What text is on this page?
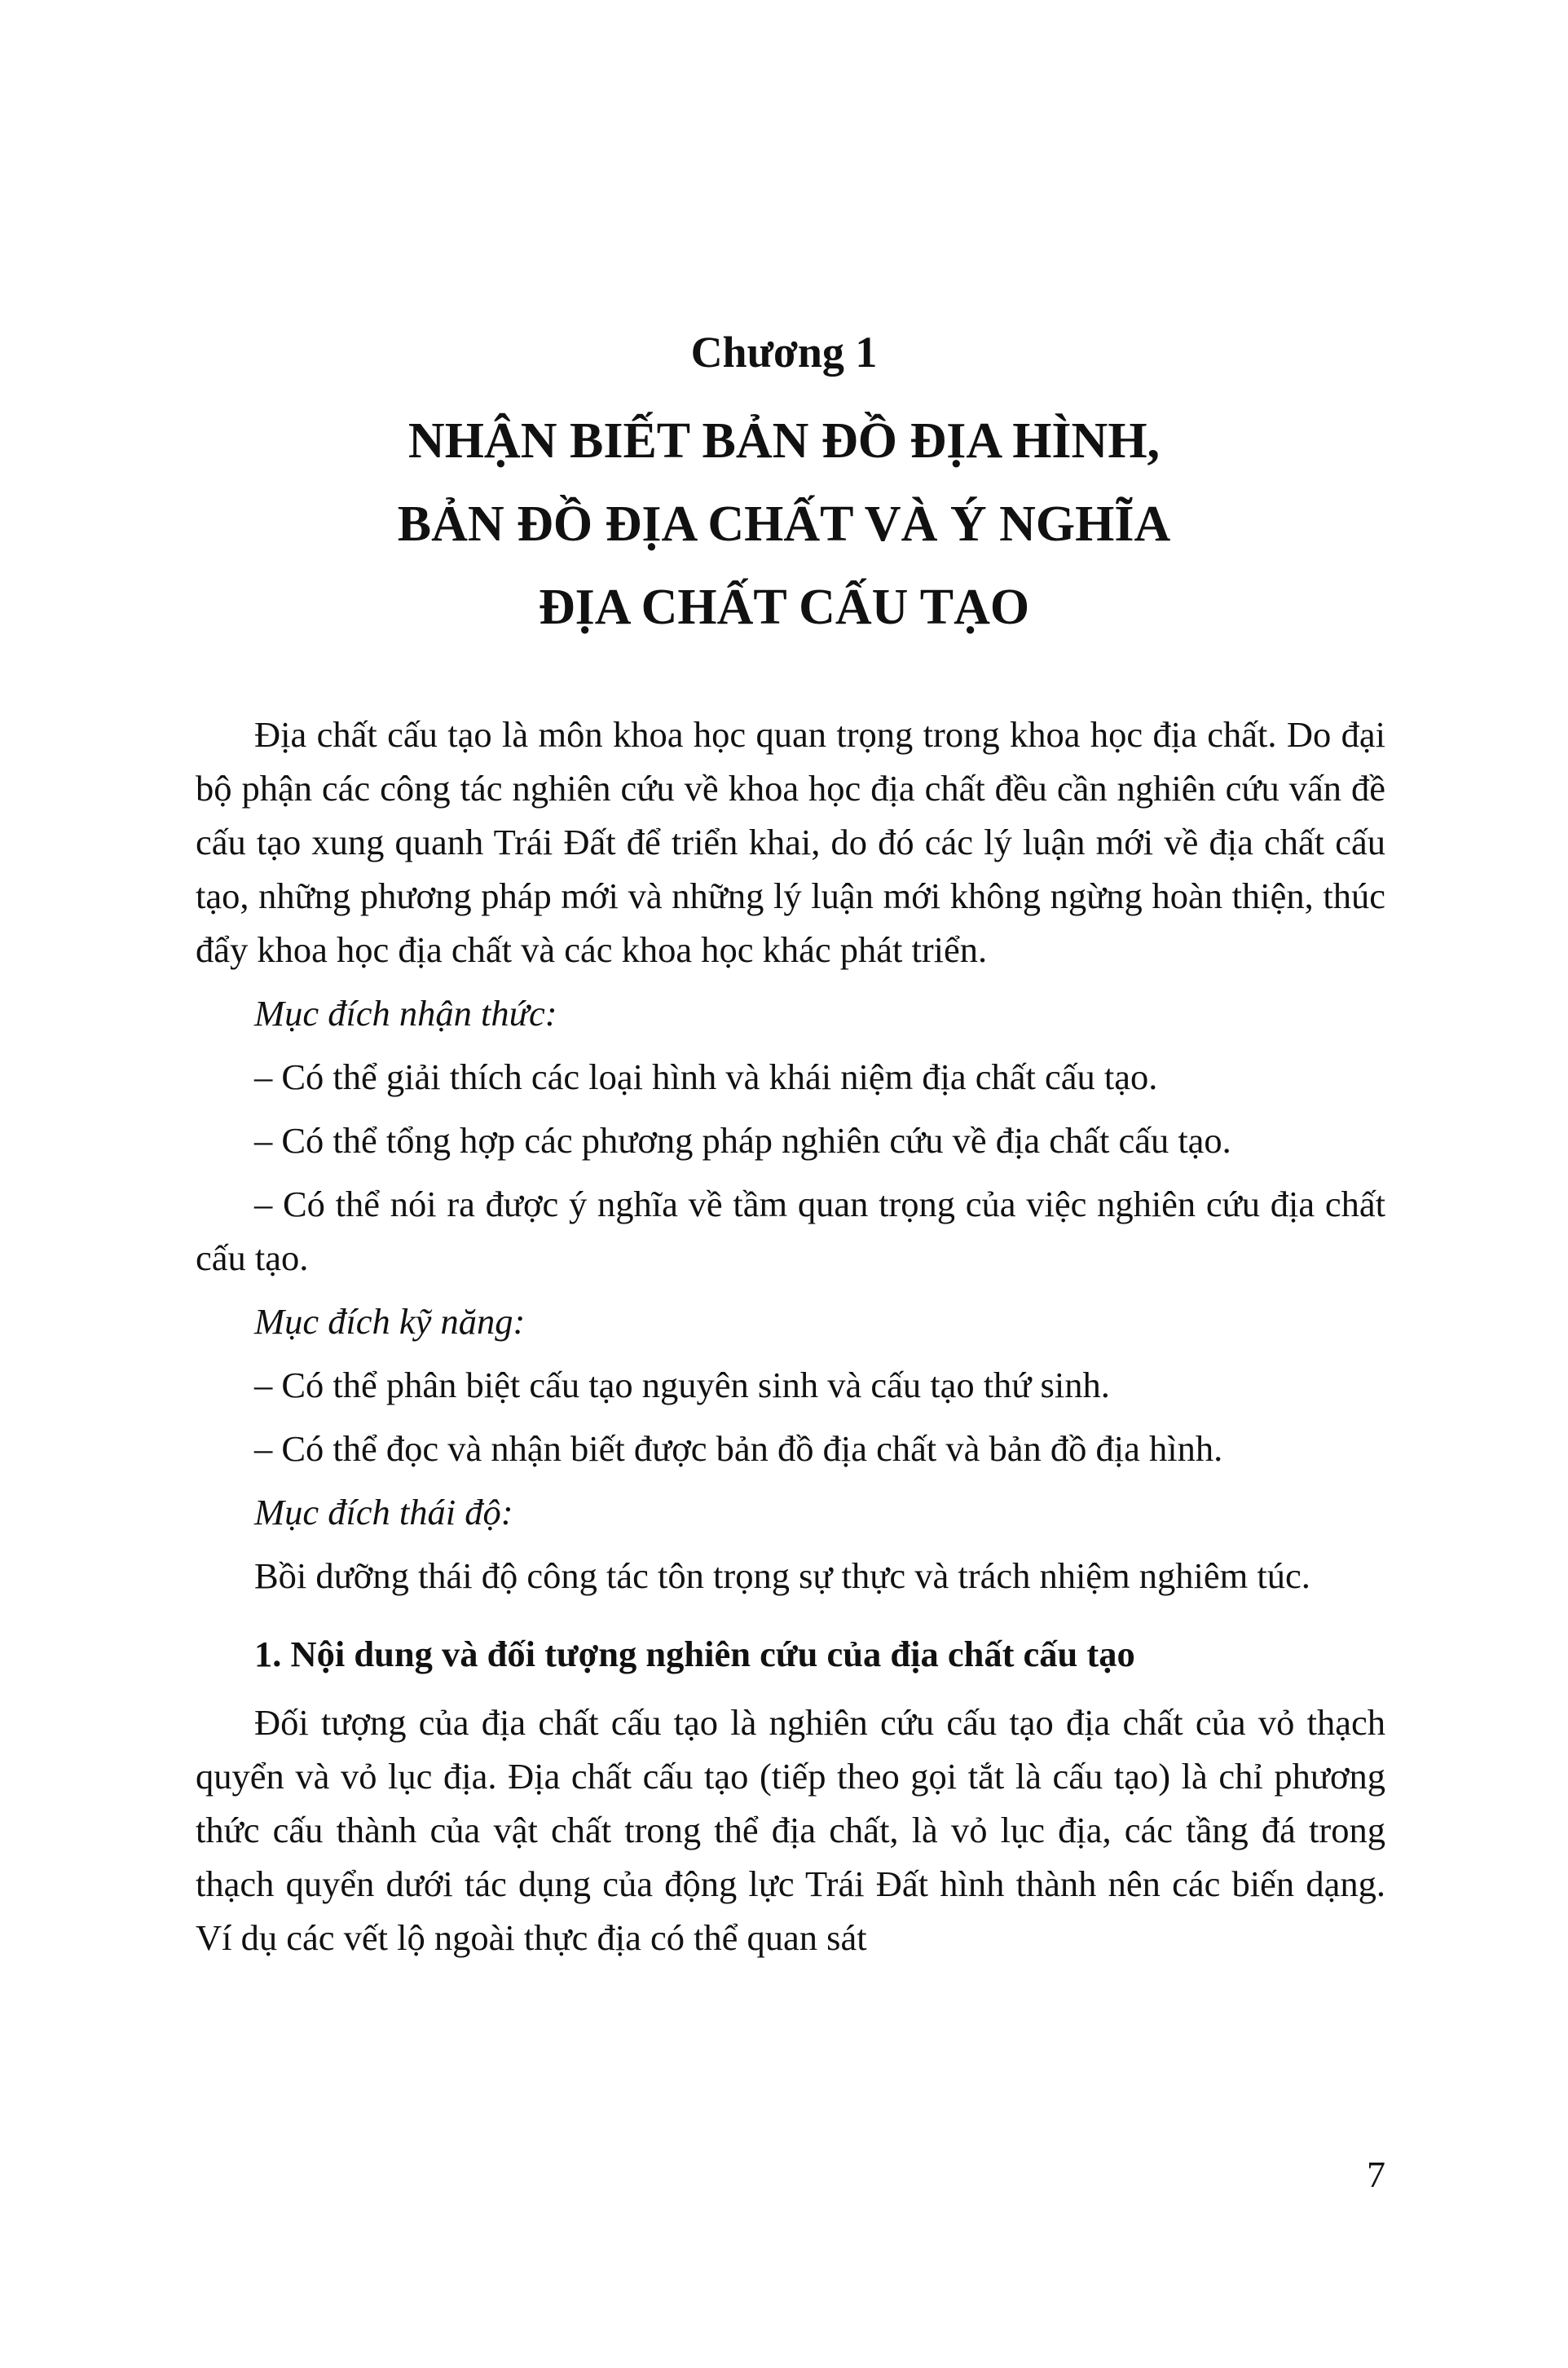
Chương 1
NHẬN BIẾT BẢN ĐỒ ĐỊA HÌNH,
BẢN ĐỒ ĐỊA CHẤT VÀ Ý NGHĨA
ĐỊA CHẤT CẤU TẠO

Địa chất cấu tạo là môn khoa học quan trọng trong khoa học địa chất. Do đại bộ phận các công tác nghiên cứu về khoa học địa chất đều cần nghiên cứu vấn đề cấu tạo xung quanh Trái Đất để triển khai, do đó các lý luận mới về địa chất cấu tạo, những phương pháp mới và những lý luận mới không ngừng hoàn thiện, thúc đẩy khoa học địa chất và các khoa học khác phát triển.

Mục đích nhận thức:

– Có thể giải thích các loại hình và khái niệm địa chất cấu tạo.

– Có thể tổng hợp các phương pháp nghiên cứu về địa chất cấu tạo.

– Có thể nói ra được ý nghĩa về tầm quan trọng của việc nghiên cứu địa chất cấu tạo.

Mục đích kỹ năng:

– Có thể phân biệt cấu tạo nguyên sinh và cấu tạo thứ sinh.

– Có thể đọc và nhận biết được bản đồ địa chất và bản đồ địa hình.

Mục đích thái độ:

Bồi dưỡng thái độ công tác tôn trọng sự thực và trách nhiệm nghiêm túc.

1. Nội dung và đối tượng nghiên cứu của địa chất cấu tạo

Đối tượng của địa chất cấu tạo là nghiên cứu cấu tạo địa chất của vỏ thạch quyển và vỏ lục địa. Địa chất cấu tạo (tiếp theo gọi tắt là cấu tạo) là chỉ phương thức cấu thành của vật chất trong thể địa chất, là vỏ lục địa, các tầng đá trong thạch quyển dưới tác dụng của động lực Trái Đất hình thành nên các biến dạng. Ví dụ các vết lộ ngoài thực địa có thể quan sát

7
